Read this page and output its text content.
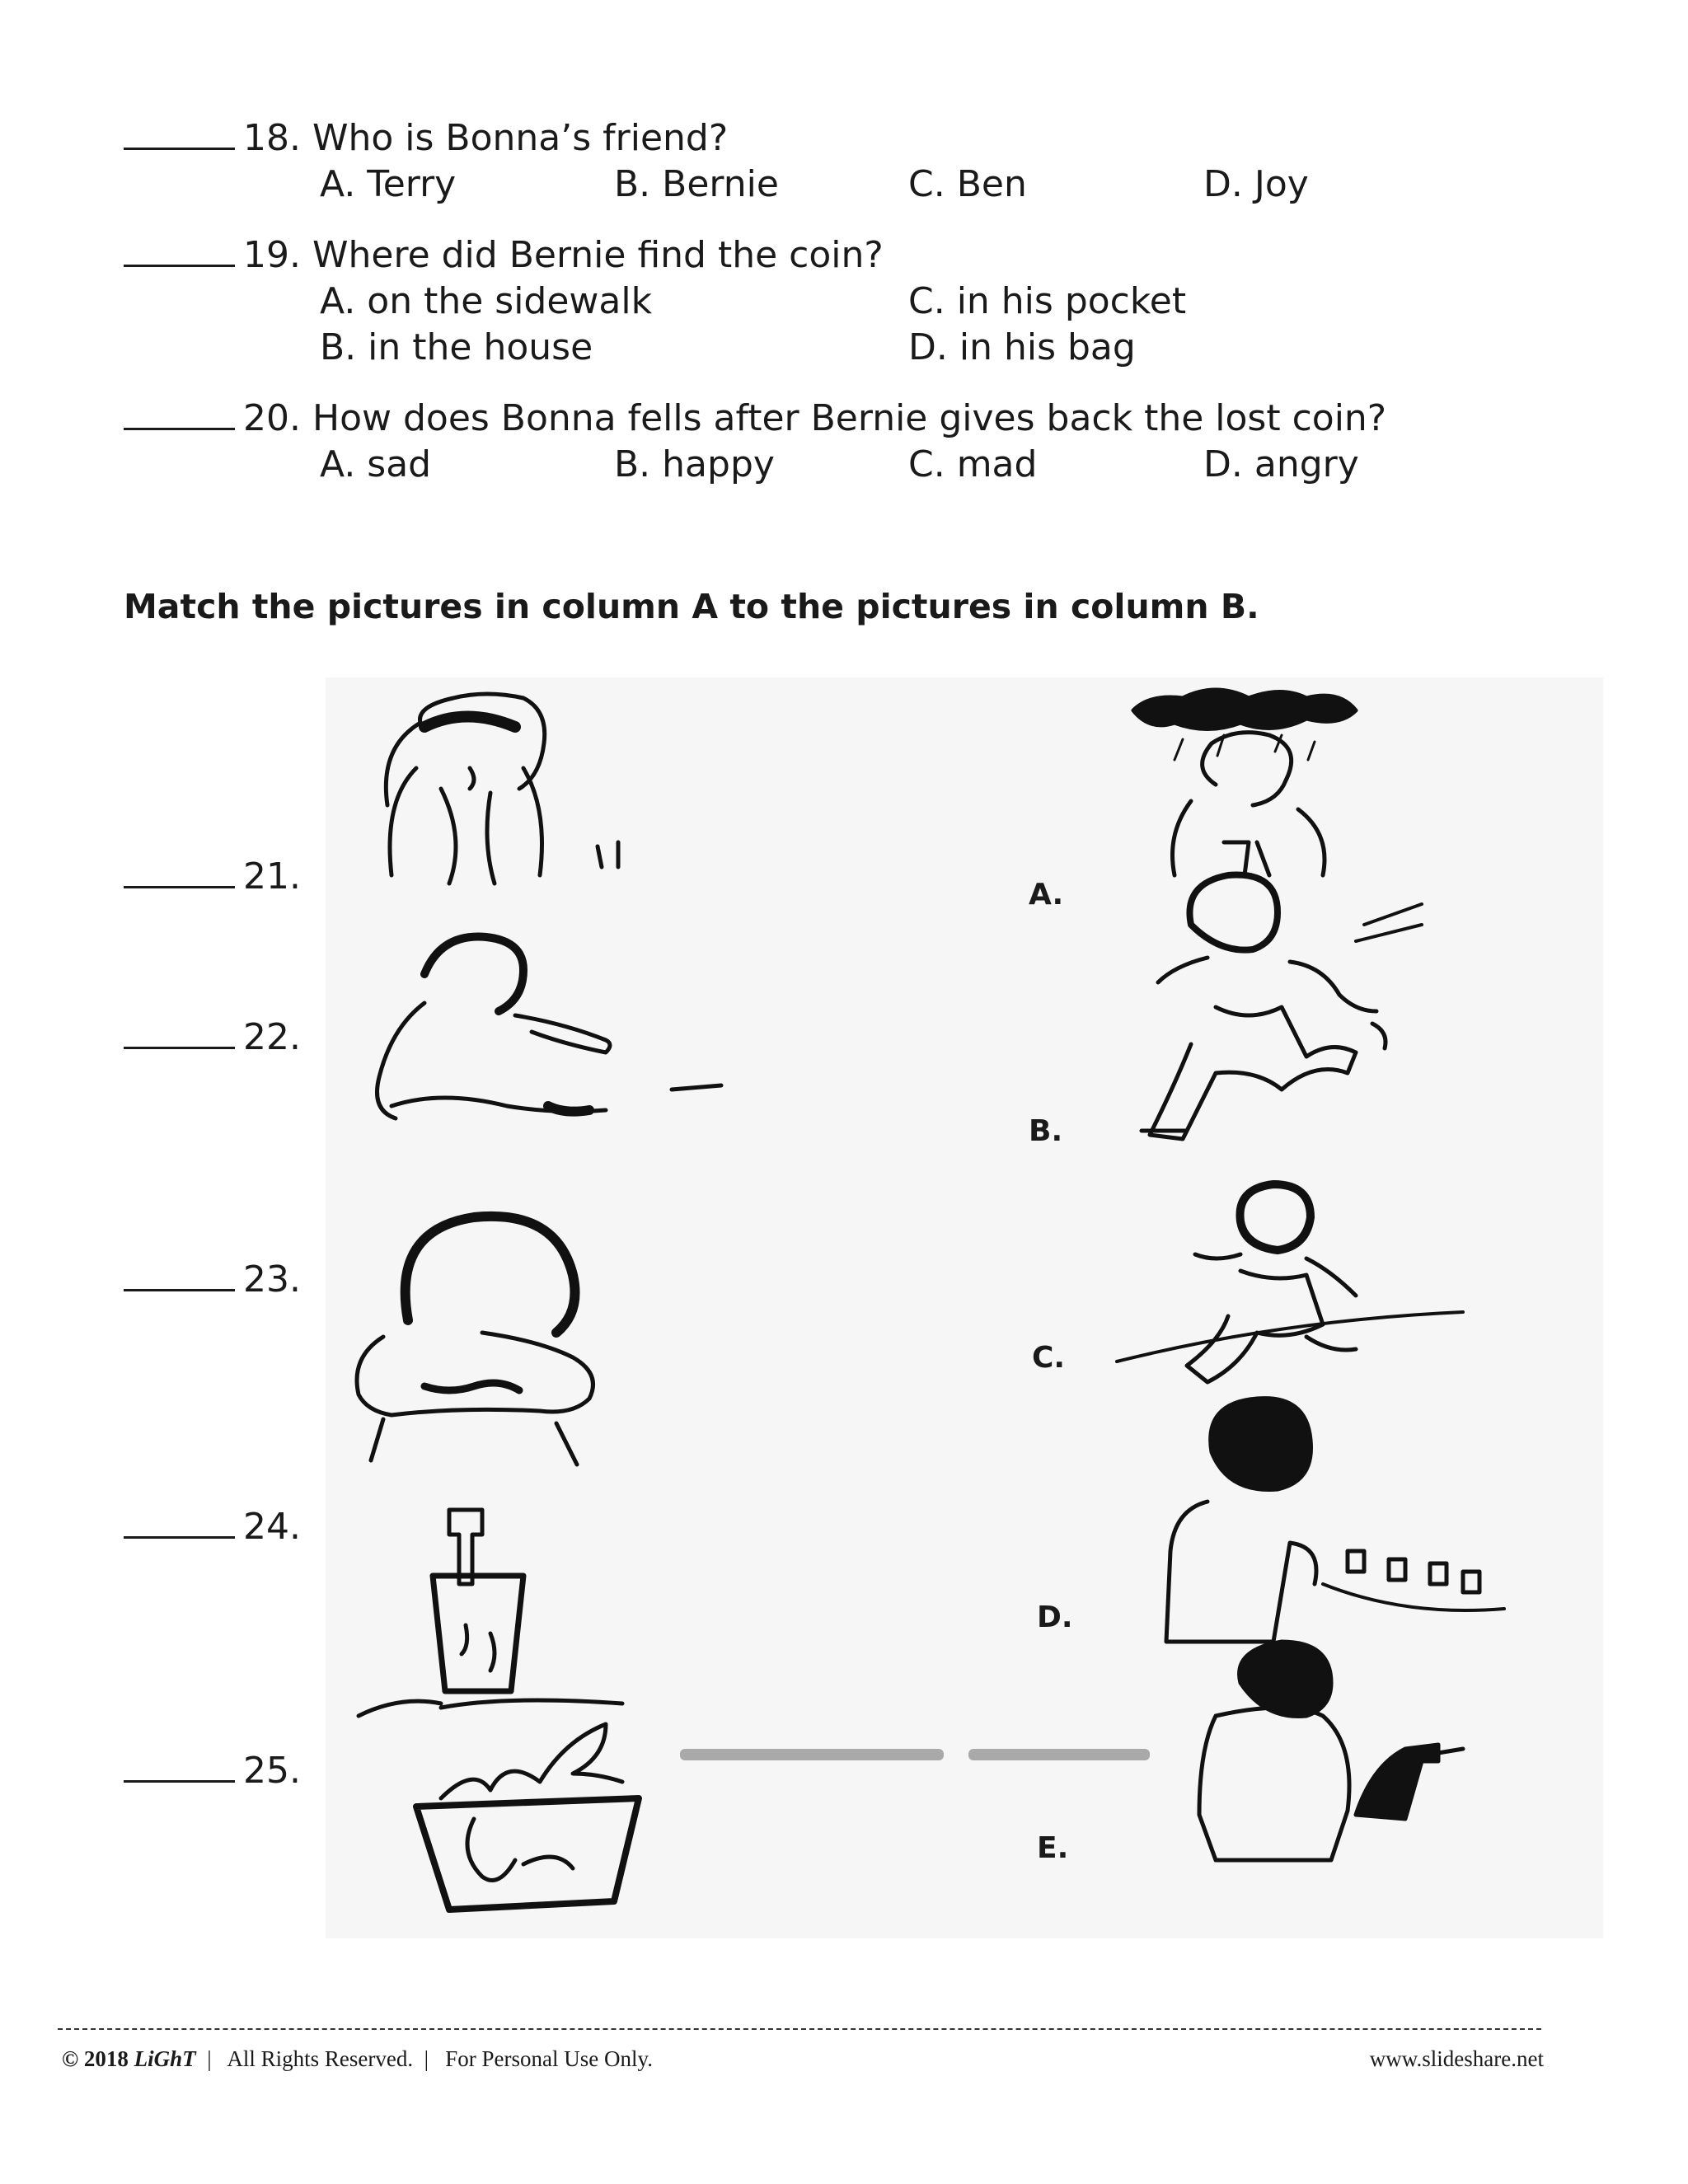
18. Who is Bonna’s friend?
A. Terry	B. Bernie	C. Ben	D. Joy
19. Where did Bernie find the coin?
A. on the sidewalk	C. in his pocket
B. in the house	D. in his bag
20. How does Bonna fells after Bernie gives back the lost coin?
A. sad	B. happy	C. mad	D. angry
Match the pictures in column A to the pictures in column B.
A.
B.
C.
D.
E.
21.
22.
23.
24.
25.
© 2018 LiGhT  |   All Rights Reserved.  |   For Personal Use Only.	www.slideshare.net
